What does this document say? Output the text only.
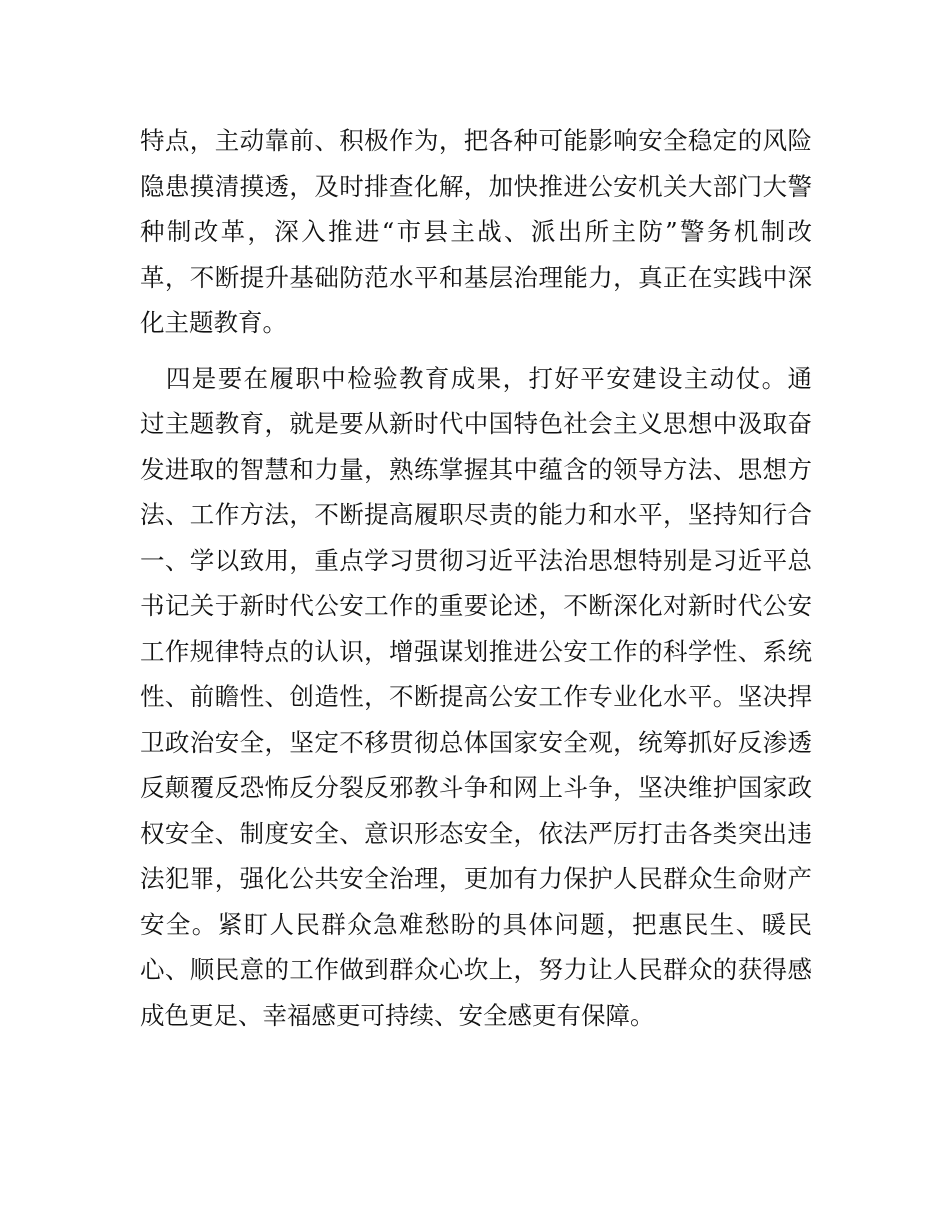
特点，主动靠前、积极作为，把各种可能影响安全稳定的风险
隐患摸清摸透，及时排查化解，加快推进公安机关大部门大警
种制改革，深入推进“市县主战、派出所主防”警务机制改
革，不断提升基础防范水平和基层治理能力，真正在实践中深
化主题教育。
　四是要在履职中检验教育成果，打好平安建设主动仗。通
过主题教育，就是要从新时代中国特色社会主义思想中汲取奋
发进取的智慧和力量，熟练掌握其中蕴含的领导方法、思想方
法、工作方法，不断提高履职尽责的能力和水平，坚持知行合
一、学以致用，重点学习贯彻习近平法治思想特别是习近平总
书记关于新时代公安工作的重要论述，不断深化对新时代公安
工作规律特点的认识，增强谋划推进公安工作的科学性、系统
性、前瞻性、创造性，不断提高公安工作专业化水平。坚决捍
卫政治安全，坚定不移贯彻总体国家安全观，统筹抓好反渗透
反颠覆反恐怖反分裂反邪教斗争和网上斗争，坚决维护国家政
权安全、制度安全、意识形态安全，依法严厉打击各类突出违
法犯罪，强化公共安全治理，更加有力保护人民群众生命财产
安全。紧盯人民群众急难愁盼的具体问题，把惠民生、暖民
心、顺民意的工作做到群众心坎上，努力让人民群众的获得感
成色更足、幸福感更可持续、安全感更有保障。
